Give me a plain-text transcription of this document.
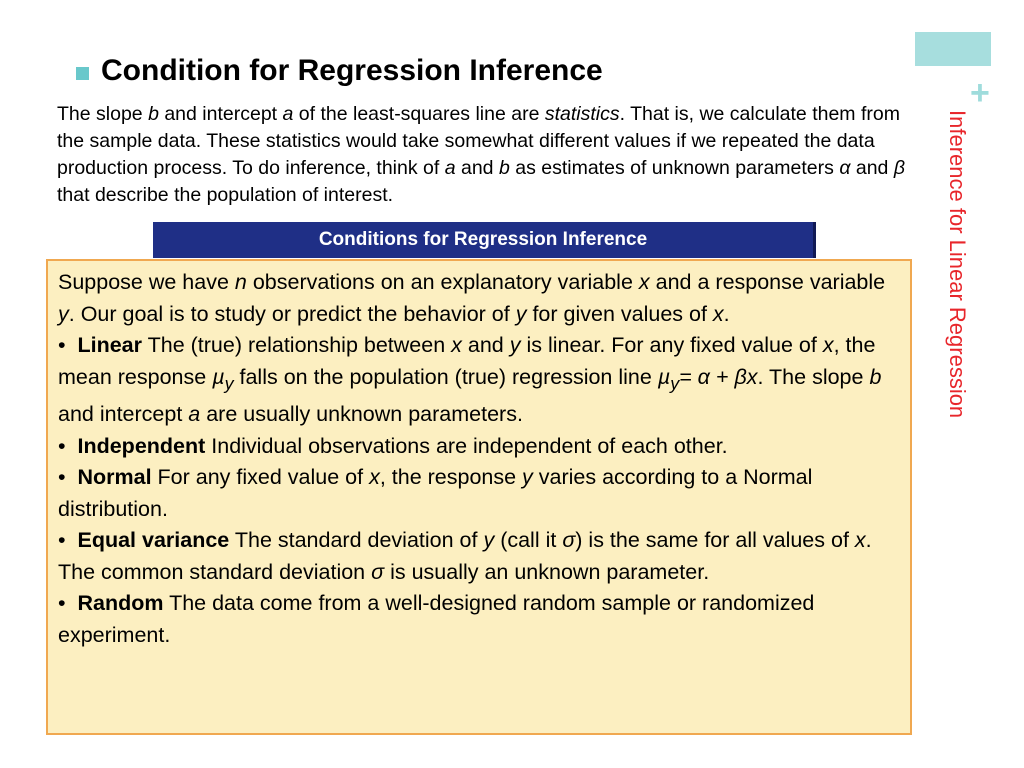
+
Inference for Linear Regression
Condition for Regression Inference

The slope b and intercept a of the least-squares line are statistics. That is, we calculate them from the sample data. These statistics would take somewhat different values if we repeated the data production process. To do inference, think of a and b as estimates of unknown parameters α and β that describe the population of interest.

Conditions for Regression Inference

Suppose we have n observations on an explanatory variable x and a response variable y. Our goal is to study or predict the behavior of y for given values of x.

• Linear The (true) relationship between x and y is linear. For any fixed value of x, the mean response µ$_y$ falls on the population (true) regression line µ$_y$= α + βx. The slope b and intercept a are usually unknown parameters.

• Independent Individual observations are independent of each other.

• Normal For any fixed value of x, the response y varies according to a Normal distribution.

• Equal variance The standard deviation of y (call it σ) is the same for all values of x. The common standard deviation σ is usually an unknown parameter.

• Random The data come from a well-designed random sample or randomized experiment.
